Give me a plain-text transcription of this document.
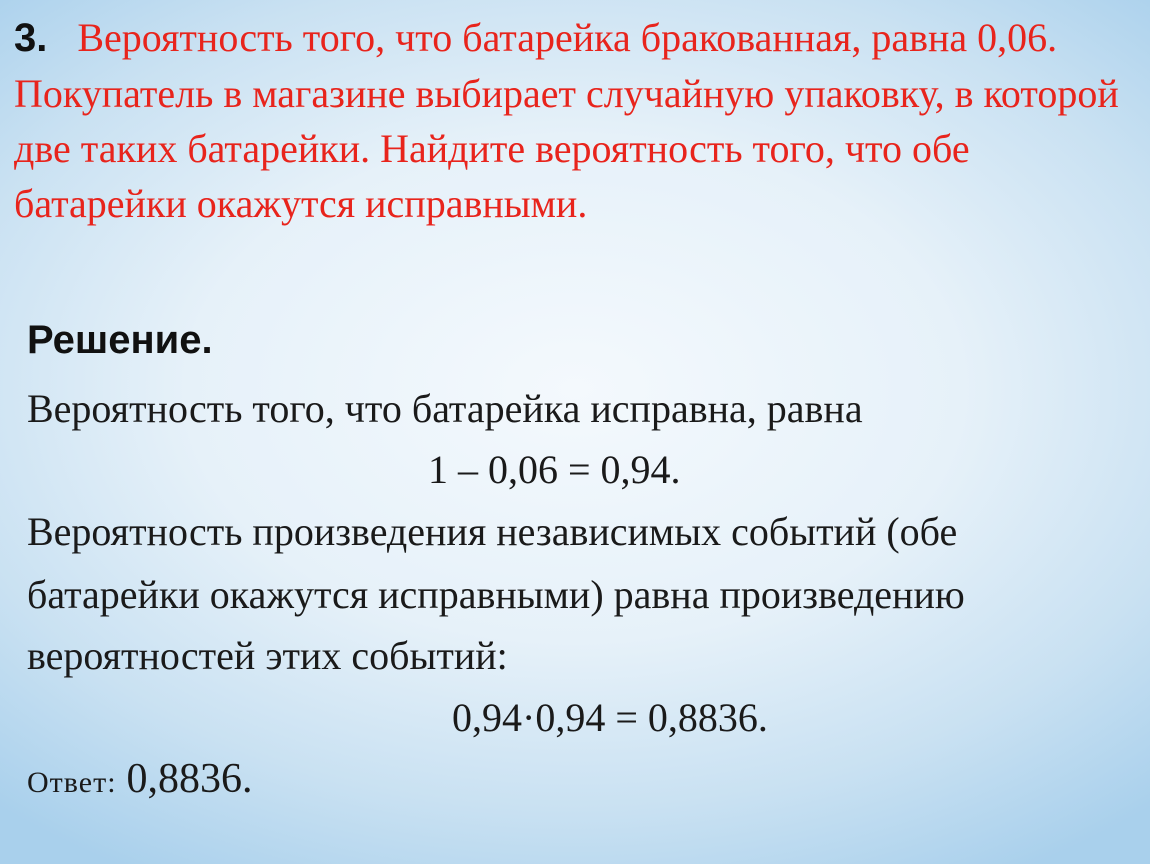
3. Вероятность того, что батарейка бракованная, равна 0,06. Покупатель в магазине выбирает случайную упаковку, в которой две таких батарейки. Найдите вероятность того, что обе батарейки окажутся исправными.
Решение.
Вероятность того, что батарейка исправна, равна
1 – 0,06 = 0,94.
Вероятность произведения независимых событий (обе
батарейки окажутся исправными) равна произведению
вероятностей этих событий:
0,94·0,94 = 0,8836.
Ответ: 0,8836.
